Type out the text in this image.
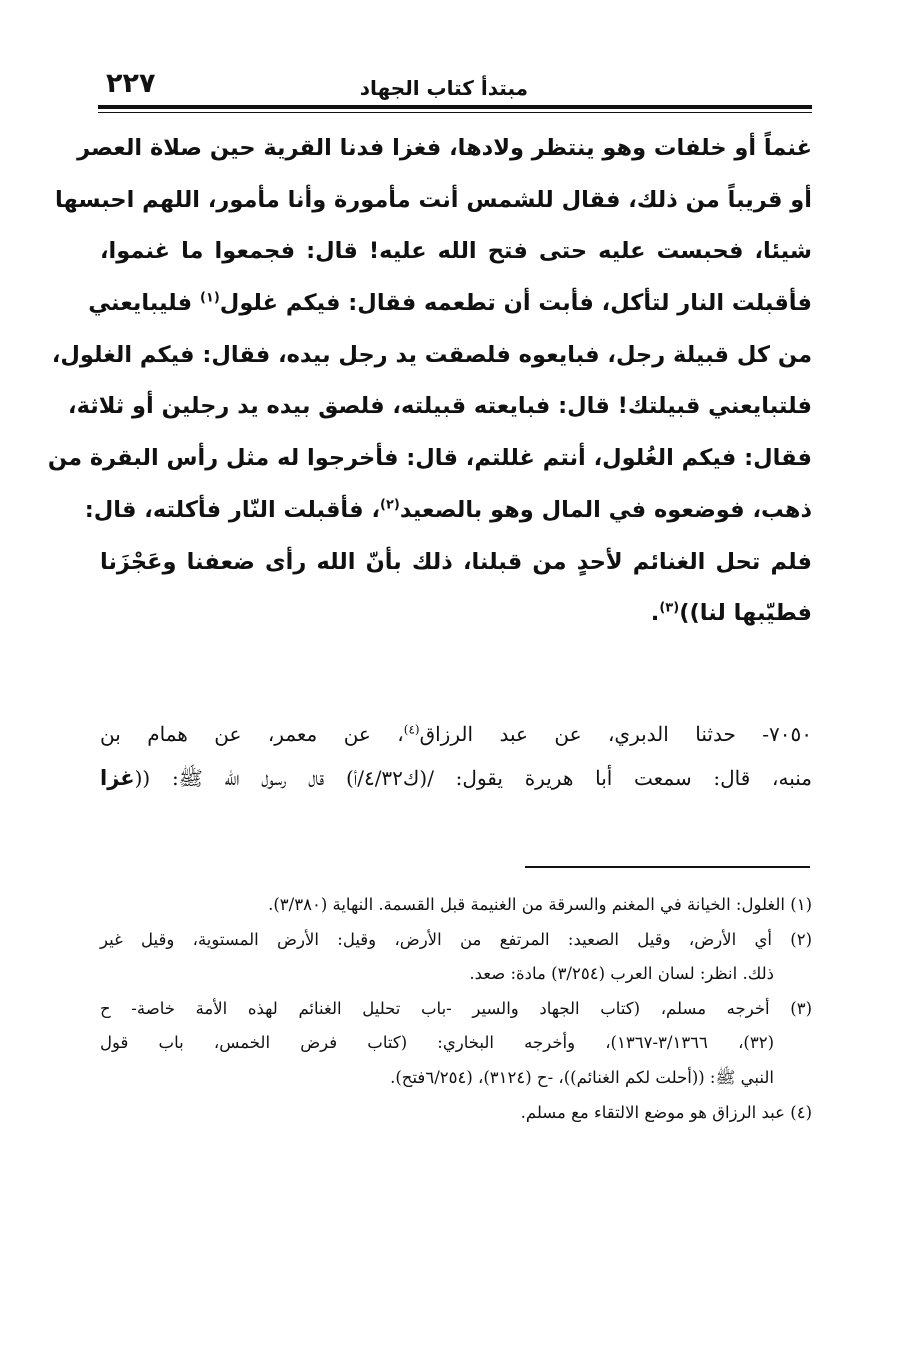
مبتدأ كتاب الجهاد
٢٢٧
غنماً أو خلفات وهو ينتظر ولادها، فغزا فدنا القرية حين صلاة العصر
أو قريباً من ذلك، فقال للشمس أنت مأمورة وأنا مأمور، اللهم احبسها
شيئا، فحبست عليه حتى فتح الله عليه! قال: فجمعوا ما غنموا،
فأقبلت النار لتأكل، فأبت أن تطعمه فقال: فيكم غلول$^{(١)}$ فليبايعني
من كل قبيلة رجل، فبايعوه فلصقت يد رجل بيده، فقال: فيكم الغلول،
فلتبايعني قبيلتك! قال: فبايعته قبيلته، فلصق بيده يد رجلين أو ثلاثة،
فقال: فيكم الغُلول، أنتم غللتم، قال: فأخرجوا له مثل رأس البقرة من
ذهب، فوضعوه في المال وهو بالصعيد$^{(٢)}$، فأقبلت النّار فأكلته، قال:
فلم تحل الغنائم لأحدٍ من قبلنا، ذلك بأنّ الله رأى ضعفنا وعَجْزَنا
فطيّبها لنا))$^{(٣)}$.
٧٠٥٠- حدثنا الدبري، عن عبد الرزاق$^{(٤)}$، عن معمر، عن همام بن
منبه، قال: سمعت أبا هريرة يقول: /(ك٤/٣٢/أ) قال رسول الله ﷺ: ((غزا
(١) الغلول: الخيانة في المغنم والسرقة من الغنيمة قبل القسمة. النهاية (٣/٣٨٠).
(٢) أي الأرض، وقيل الصعيد: المرتفع من الأرض، وقيل: الأرض المستوية، وقيل غير
ذلك. انظر: لسان العرب (٣/٢٥٤) مادة: صعد.
(٣) أخرجه مسلم، (كتاب الجهاد والسير -باب تحليل الغنائم لهذه الأمة خاصة- ح
(٣٢)، ٣/١٣٦٦-١٣٦٧)، وأخرجه البخاري: (كتاب فرض الخمس، باب قول
النبي ﷺ: ((أحلت لكم الغنائم))، -ح (٣١٢٤)، (٦/٢٥٤فتح).
(٤) عبد الرزاق هو موضع الالتقاء مع مسلم.
